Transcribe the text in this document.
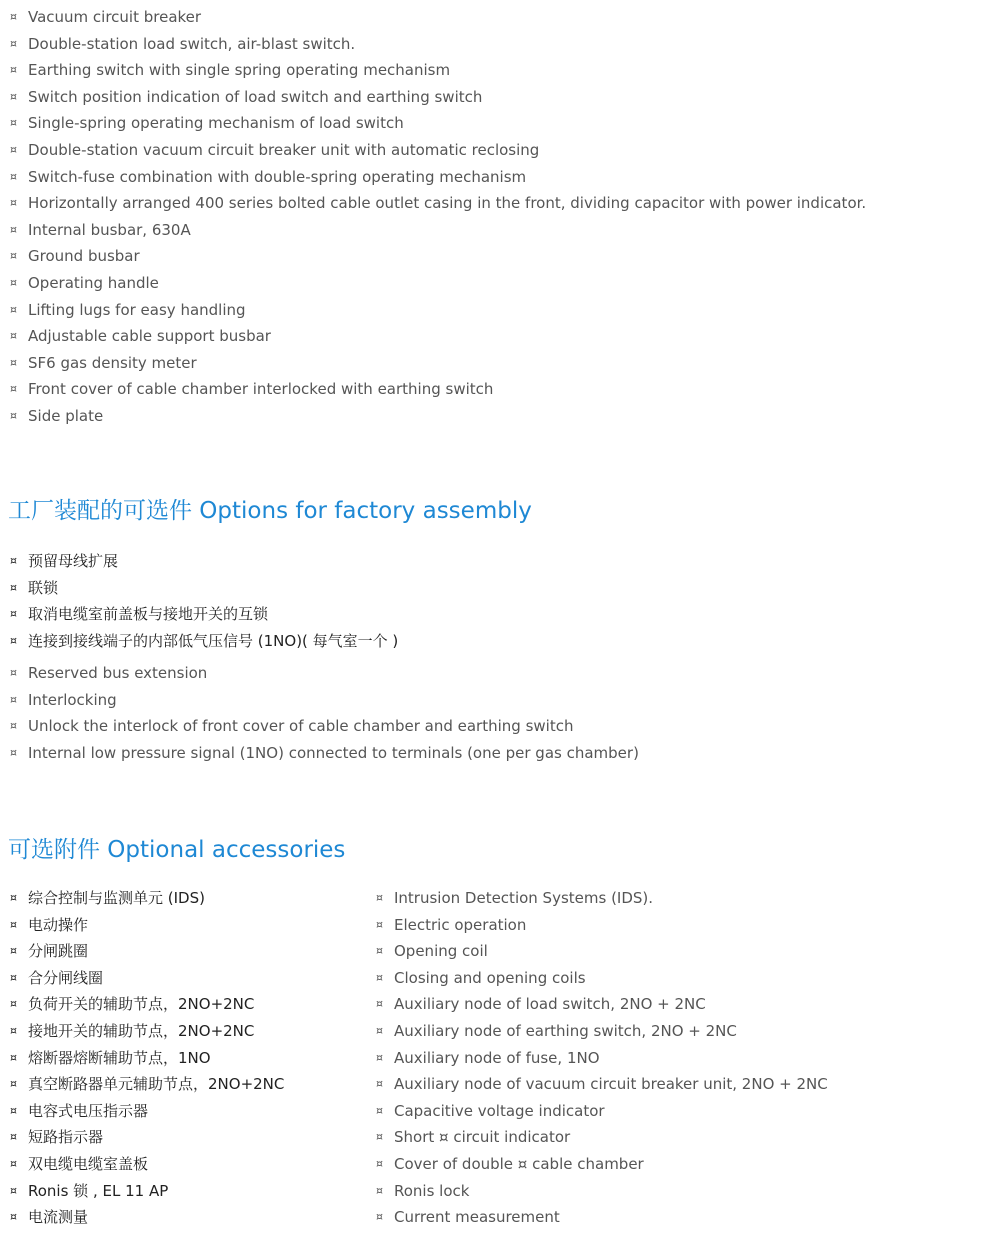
¤ Vacuum circuit breaker
¤ Double-station load switch, air-blast switch.
¤ Earthing switch with single spring operating mechanism
¤ Switch position indication of load switch and earthing switch
¤ Single-spring operating mechanism of load switch
¤ Double-station vacuum circuit breaker unit with automatic reclosing
¤ Switch-fuse combination with double-spring operating mechanism
¤ Horizontally arranged 400 series bolted cable outlet casing in the front, dividing capacitor with power indicator.
¤ Internal busbar, 630A
¤ Ground busbar
¤ Operating handle
¤ Lifting lugs for easy handling
¤ Adjustable cable support busbar
¤ SF6 gas density meter
¤ Front cover of cable chamber interlocked with earthing switch
¤ Side plate
工厂装配的可选件 Options for factory assembly
¤ 预留母线扩展
¤ 联锁
¤ 取消电缆室前盖板与接地开关的互锁
¤ 连接到接线端子的内部低气压信号 (1NO)( 每气室一个 )
¤ Reserved bus extension
¤ Interlocking
¤ Unlock the interlock of front cover of cable chamber and earthing switch
¤ Internal low pressure signal (1NO) connected to terminals (one per gas chamber)
可选附件 Optional accessories
¤ 综合控制与监测单元 (IDS)
¤ 电动操作
¤ 分闸跳圈
¤ 合分闸线圈
¤ 负荷开关的辅助节点，2NO+2NC
¤ 接地开关的辅助节点，2NO+2NC
¤ 熔断器熔断辅助节点，1NO
¤ 真空断路器单元辅助节点，2NO+2NC
¤ 电容式电压指示器
¤ 短路指示器
¤ 双电缆电缆室盖板
¤ Ronis 锁 , EL 11 AP
¤ 电流测量
¤ Intrusion Detection Systems (IDS).
¤ Electric operation
¤ Opening coil
¤ Closing and opening coils
¤ Auxiliary node of load switch, 2NO + 2NC
¤ Auxiliary node of earthing switch, 2NO + 2NC
¤ Auxiliary node of fuse, 1NO
¤ Auxiliary node of vacuum circuit breaker unit, 2NO + 2NC
¤ Capacitive voltage indicator
¤ Short ¤ circuit indicator
¤ Cover of double ¤ cable chamber
¤ Ronis lock
¤ Current measurement
